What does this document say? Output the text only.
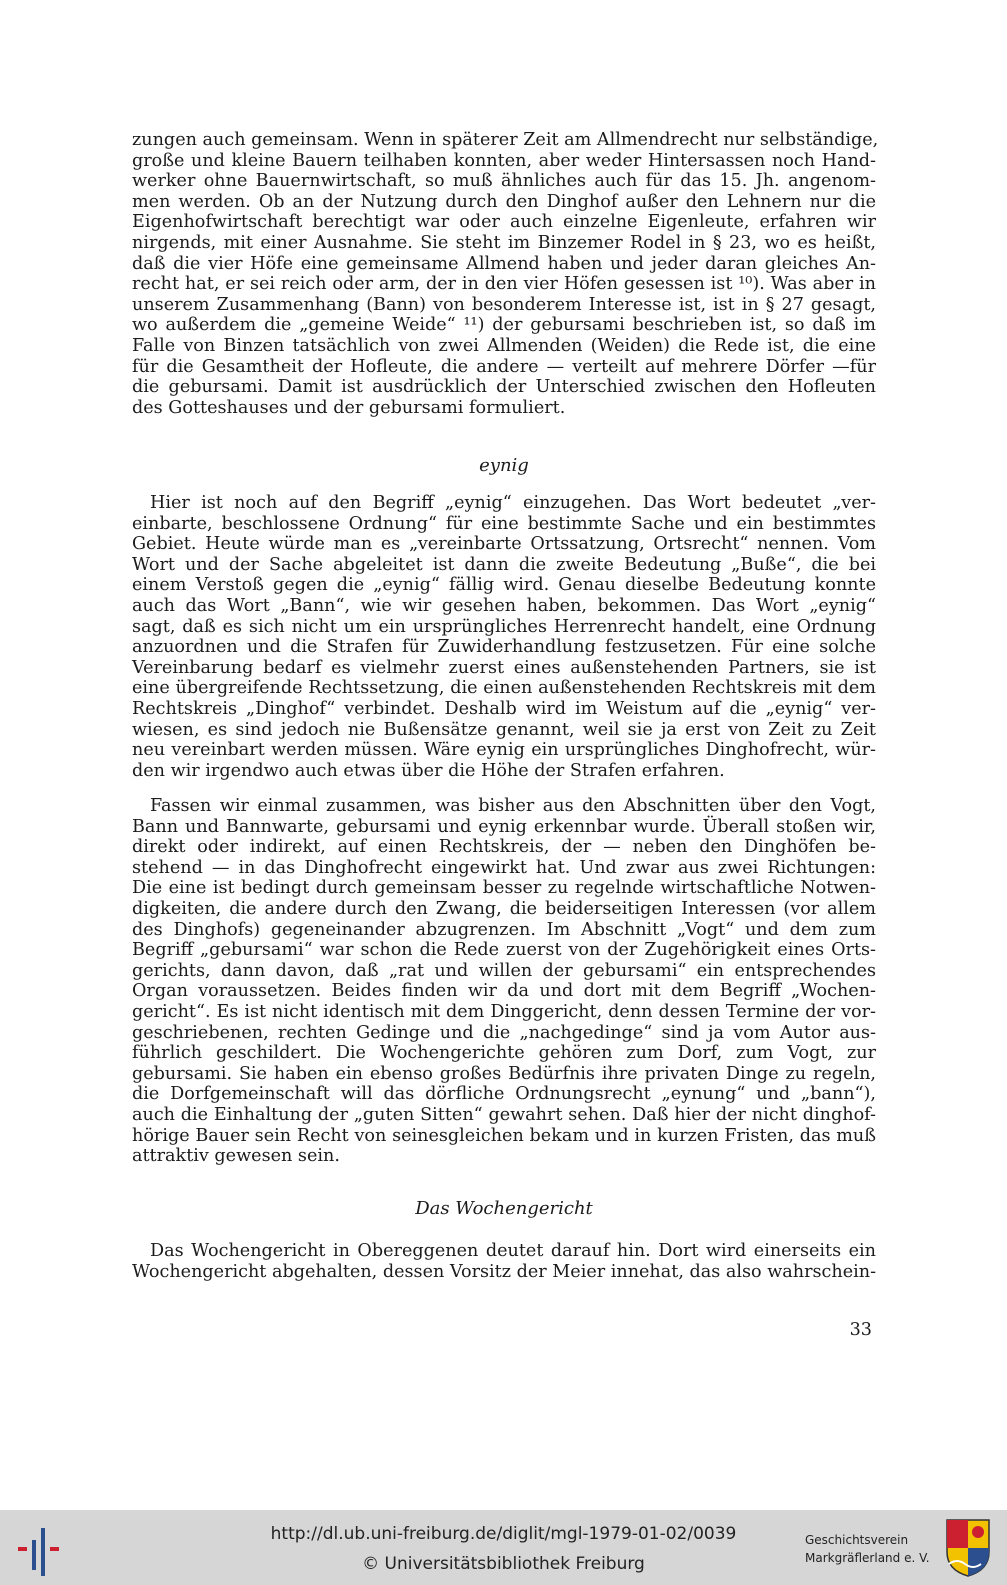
zungen auch gemeinsam. Wenn in späterer Zeit am Allmendrecht nur selbständige,
große und kleine Bauern teilhaben konnten, aber weder Hintersassen noch Hand-
werker ohne Bauernwirtschaft, so muß ähnliches auch für das 15. Jh. angenom-
men werden. Ob an der Nutzung durch den Dinghof außer den Lehnern nur die
Eigenhofwirtschaft berechtigt war oder auch einzelne Eigenleute, erfahren wir
nirgends, mit einer Ausnahme. Sie steht im Binzemer Rodel in § 23, wo es heißt,
daß die vier Höfe eine gemeinsame Allmend haben und jeder daran gleiches An-
recht hat, er sei reich oder arm, der in den vier Höfen gesessen ist ¹⁰). Was aber in
unserem Zusammenhang (Bann) von besonderem Interesse ist, ist in § 27 gesagt,
wo außerdem die „gemeine Weide“ ¹¹) der gebursami beschrieben ist, so daß im
Falle von Binzen tatsächlich von zwei Allmenden (Weiden) die Rede ist, die eine
für die Gesamtheit der Hofleute, die andere — verteilt auf mehrere Dörfer —für
die gebursami. Damit ist ausdrücklich der Unterschied zwischen den Hofleuten
des Gotteshauses und der gebursami formuliert.
eynig
Hier ist noch auf den Begriff „eynig“ einzugehen. Das Wort bedeutet „ver-
einbarte, beschlossene Ordnung“ für eine bestimmte Sache und ein bestimmtes
Gebiet. Heute würde man es „vereinbarte Ortssatzung, Ortsrecht“ nennen. Vom
Wort und der Sache abgeleitet ist dann die zweite Bedeutung „Buße“, die bei
einem Verstoß gegen die „eynig“ fällig wird. Genau dieselbe Bedeutung konnte
auch das Wort „Bann“, wie wir gesehen haben, bekommen. Das Wort „eynig“
sagt, daß es sich nicht um ein ursprüngliches Herrenrecht handelt, eine Ordnung
anzuordnen und die Strafen für Zuwiderhandlung festzusetzen. Für eine solche
Vereinbarung bedarf es vielmehr zuerst eines außenstehenden Partners, sie ist
eine übergreifende Rechtssetzung, die einen außenstehenden Rechtskreis mit dem
Rechtskreis „Dinghof“ verbindet. Deshalb wird im Weistum auf die „eynig“ ver-
wiesen, es sind jedoch nie Bußensätze genannt, weil sie ja erst von Zeit zu Zeit
neu vereinbart werden müssen. Wäre eynig ein ursprüngliches Dinghofrecht, wür-
den wir irgendwo auch etwas über die Höhe der Strafen erfahren.
Fassen wir einmal zusammen, was bisher aus den Abschnitten über den Vogt,
Bann und Bannwarte, gebursami und eynig erkennbar wurde. Überall stoßen wir,
direkt oder indirekt, auf einen Rechtskreis, der — neben den Dinghöfen be-
stehend — in das Dinghofrecht eingewirkt hat. Und zwar aus zwei Richtungen:
Die eine ist bedingt durch gemeinsam besser zu regelnde wirtschaftliche Notwen-
digkeiten, die andere durch den Zwang, die beiderseitigen Interessen (vor allem
des Dinghofs) gegeneinander abzugrenzen. Im Abschnitt „Vogt“ und dem zum
Begriff „gebursami“ war schon die Rede zuerst von der Zugehörigkeit eines Orts-
gerichts, dann davon, daß „rat und willen der gebursami“ ein entsprechendes
Organ voraussetzen. Beides finden wir da und dort mit dem Begriff „Wochen-
gericht“. Es ist nicht identisch mit dem Dinggericht, denn dessen Termine der vor-
geschriebenen, rechten Gedinge und die „nachgedinge“ sind ja vom Autor aus-
führlich geschildert. Die Wochengerichte gehören zum Dorf, zum Vogt, zur
gebursami. Sie haben ein ebenso großes Bedürfnis ihre privaten Dinge zu regeln,
die Dorfgemeinschaft will das dörfliche Ordnungsrecht „eynung“ und „bann“),
auch die Einhaltung der „guten Sitten“ gewahrt sehen. Daß hier der nicht dinghof-
hörige Bauer sein Recht von seinesgleichen bekam und in kurzen Fristen, das muß
attraktiv gewesen sein.
Das Wochengericht
Das Wochengericht in Obereggenen deutet darauf hin. Dort wird einerseits ein
Wochengericht abgehalten, dessen Vorsitz der Meier innehat, das also wahrschein-
33
http://dl.ub.uni-freiburg.de/diglit/mgl-1979-01-02/0039
© Universitätsbibliothek Freiburg
Geschichtsverein
Markgräflerland e. V.
